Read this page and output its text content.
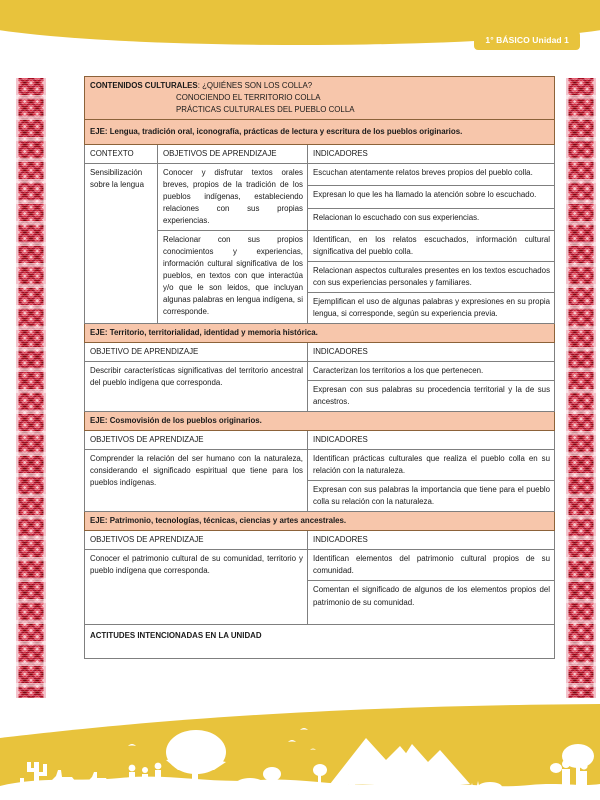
1° BÁSICO Unidad 1
CONTENIDOS CULTURALES: ¿QUIÉNES SON LOS COLLA?
CONOCIENDO EL TERRITORIO COLLA
PRÁCTICAS CULTURALES DEL PUEBLO COLLA		

EJE: Lengua, tradición oral, iconografía, prácticas de lectura y escritura de los pueblos originarios.		
CONTEXTO	OBJETIVOS DE APRENDIZAJE	INDICADORES
Sensibilización sobre la lengua	Conocer y disfrutar textos orales breves, propios de la tradición de los pueblos indígenas, estableciendo relaciones con sus propias experiencias.	Escuchan atentamente relatos breves propios del pueblo colla.
		Expresan lo que les ha llamado la atención sobre lo escuchado.
		Relacionan lo escuchado con sus experiencias.
	Relacionar con sus propios conocimientos y experiencias, información cultural significativa de los pueblos, en textos con que interactúa y/o que le son leidos, que incluyan algunas palabras en lengua indígena, si corresponde.	Identifican, en los relatos escuchados, información cultural significativa del pueblo colla.
		Relacionan aspectos culturales presentes en los textos escuchados con sus experiencias personales y familiares.
		Ejemplifican el uso de algunas palabras y expresiones en su propia lengua, si corresponde, según su experiencia previa.
EJE: Territorio, territorialidad, identidad y memoria histórica.		
OBJETIVO DE APRENDIZAJE		INDICADORES
Describir características significativas del territorio ancestral del pueblo indígena que corresponda.		Caracterizan los territorios a los que pertenecen.
		Expresan con sus palabras su procedencia territorial y la de sus ancestros.
EJE: Cosmovisión de los pueblos originarios.		
OBJETIVOS DE APRENDIZAJE		INDICADORES
Comprender la relación del ser humano con la naturaleza, considerando el significado espiritual que tiene para los pueblos indígenas.		Identifican prácticas culturales que realiza el pueblo colla en su relación con la naturaleza.
		Expresan con sus palabras la importancia que tiene para el pueblo colla su relación con la naturaleza.
EJE: Patrimonio, tecnologías, técnicas, ciencias y artes ancestrales.		
OBJETIVOS DE APRENDIZAJE		INDICADORES
Conocer el patrimonio cultural de su comunidad, territorio y pueblo indígena que corresponda.		Identifican elementos del patrimonio cultural propios de su comunidad.
		Comentan el significado de algunos de los elementos propios del patrimonio de su comunidad.
ACTITUDES INTENCIONADAS EN LA UNIDAD		
